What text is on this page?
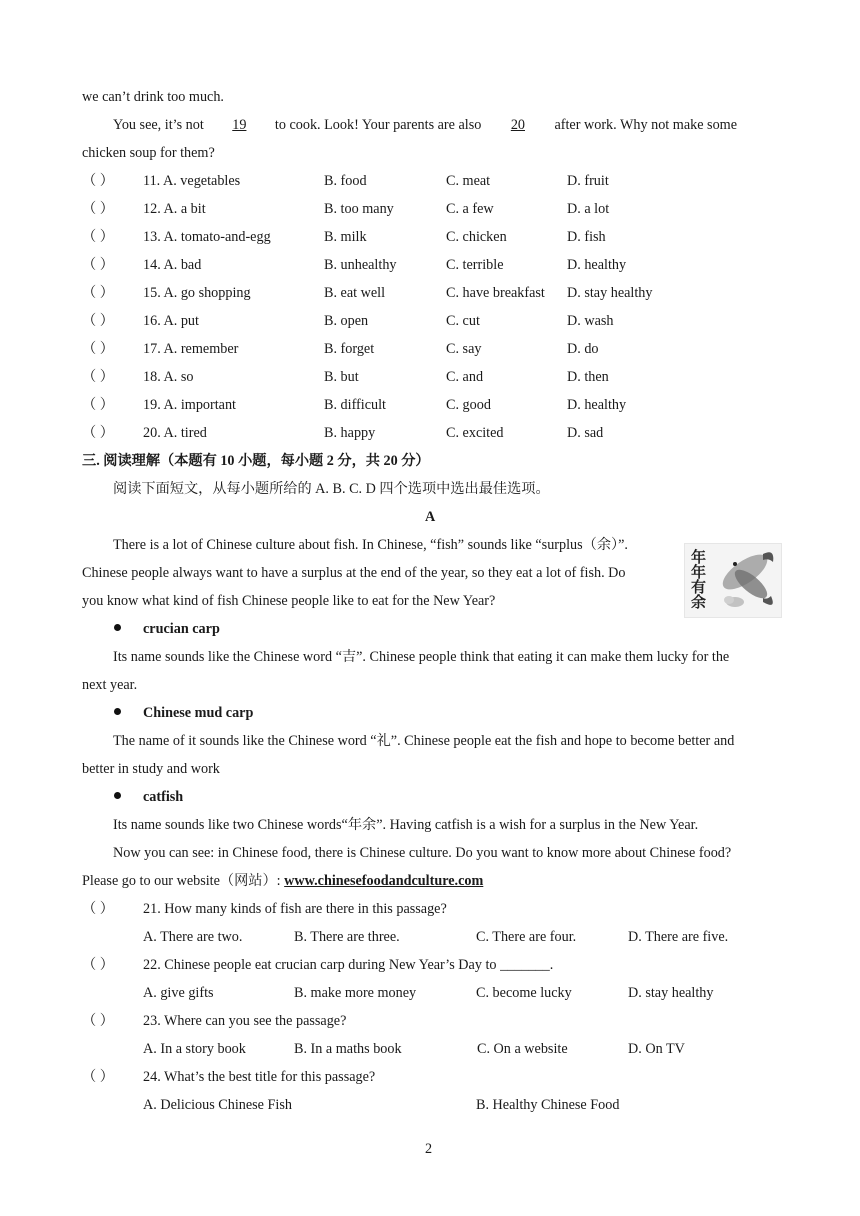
we can’t drink too much.
You see, it’s not 19 to cook. Look! Your parents are also 20 after work. Why not make some
chicken soup for them?
（ ） 11. A. vegetables	B. food	C. meat	D. fruit
（ ） 12. A. a bit	B. too many	C. a few	D. a lot
（ ） 13. A. tomato-and-egg	B. milk	C. chicken	D. fish
（ ） 14. A. bad	B. unhealthy	C. terrible	D. healthy
（ ） 15. A. go shopping	B. eat well	C. have breakfast D. stay healthy
（ ） 16. A. put	B. open	C. cut	D. wash
（ ） 17. A. remember	B. forget	C. say	D. do
（ ） 18. A. so	B. but	C. and	D. then
（ ） 19. A. important	B. difficult	C. good	D. healthy
（ ） 20. A. tired	B. happy	C. excited	D. sad
三. 阅读理解（本题有 10 小题，每小题 2 分，共 20 分）
阅读下面短文，从每小题所给的 A. B. C. D 四个选项中选出最佳选项。
A
There is a lot of Chinese culture about fish. In Chinese, “fish” sounds like “surplus（余）”.
Chinese people always want to have a surplus at the end of the year, so they eat a lot of fish. Do
you know what kind of fish Chinese people like to eat for the New Year?
年年有余
crucian carp
Its name sounds like the Chinese word “吉”. Chinese people think that eating it can make them lucky for the
next year.
Chinese mud carp
The name of it sounds like the Chinese word “礼”. Chinese people eat the fish and hope to become better and
better in study and work
catfish
Its name sounds like two Chinese words“年余”. Having catfish is a wish for a surplus in the New Year.
Now you can see: in Chinese food, there is Chinese culture. Do you want to know more about Chinese food?
Please go to our website（网站）: www.chinesefoodandculture.com
（ ） 21. How many kinds of fish are there in this passage?
A. There are two.	B. There are three.	C. There are four.	D. There are five.
（ ） 22. Chinese people eat crucian carp during New Year’s Day to _______.
A. give gifts	B. make more money	C. become lucky	D. stay healthy
（ ） 23. Where can you see the passage?
A. In a story book	B. In a maths book	C. On a website	D. On TV
（ ） 24. What’s the best title for this passage?
A. Delicious Chinese Fish	B. Healthy Chinese Food
2
